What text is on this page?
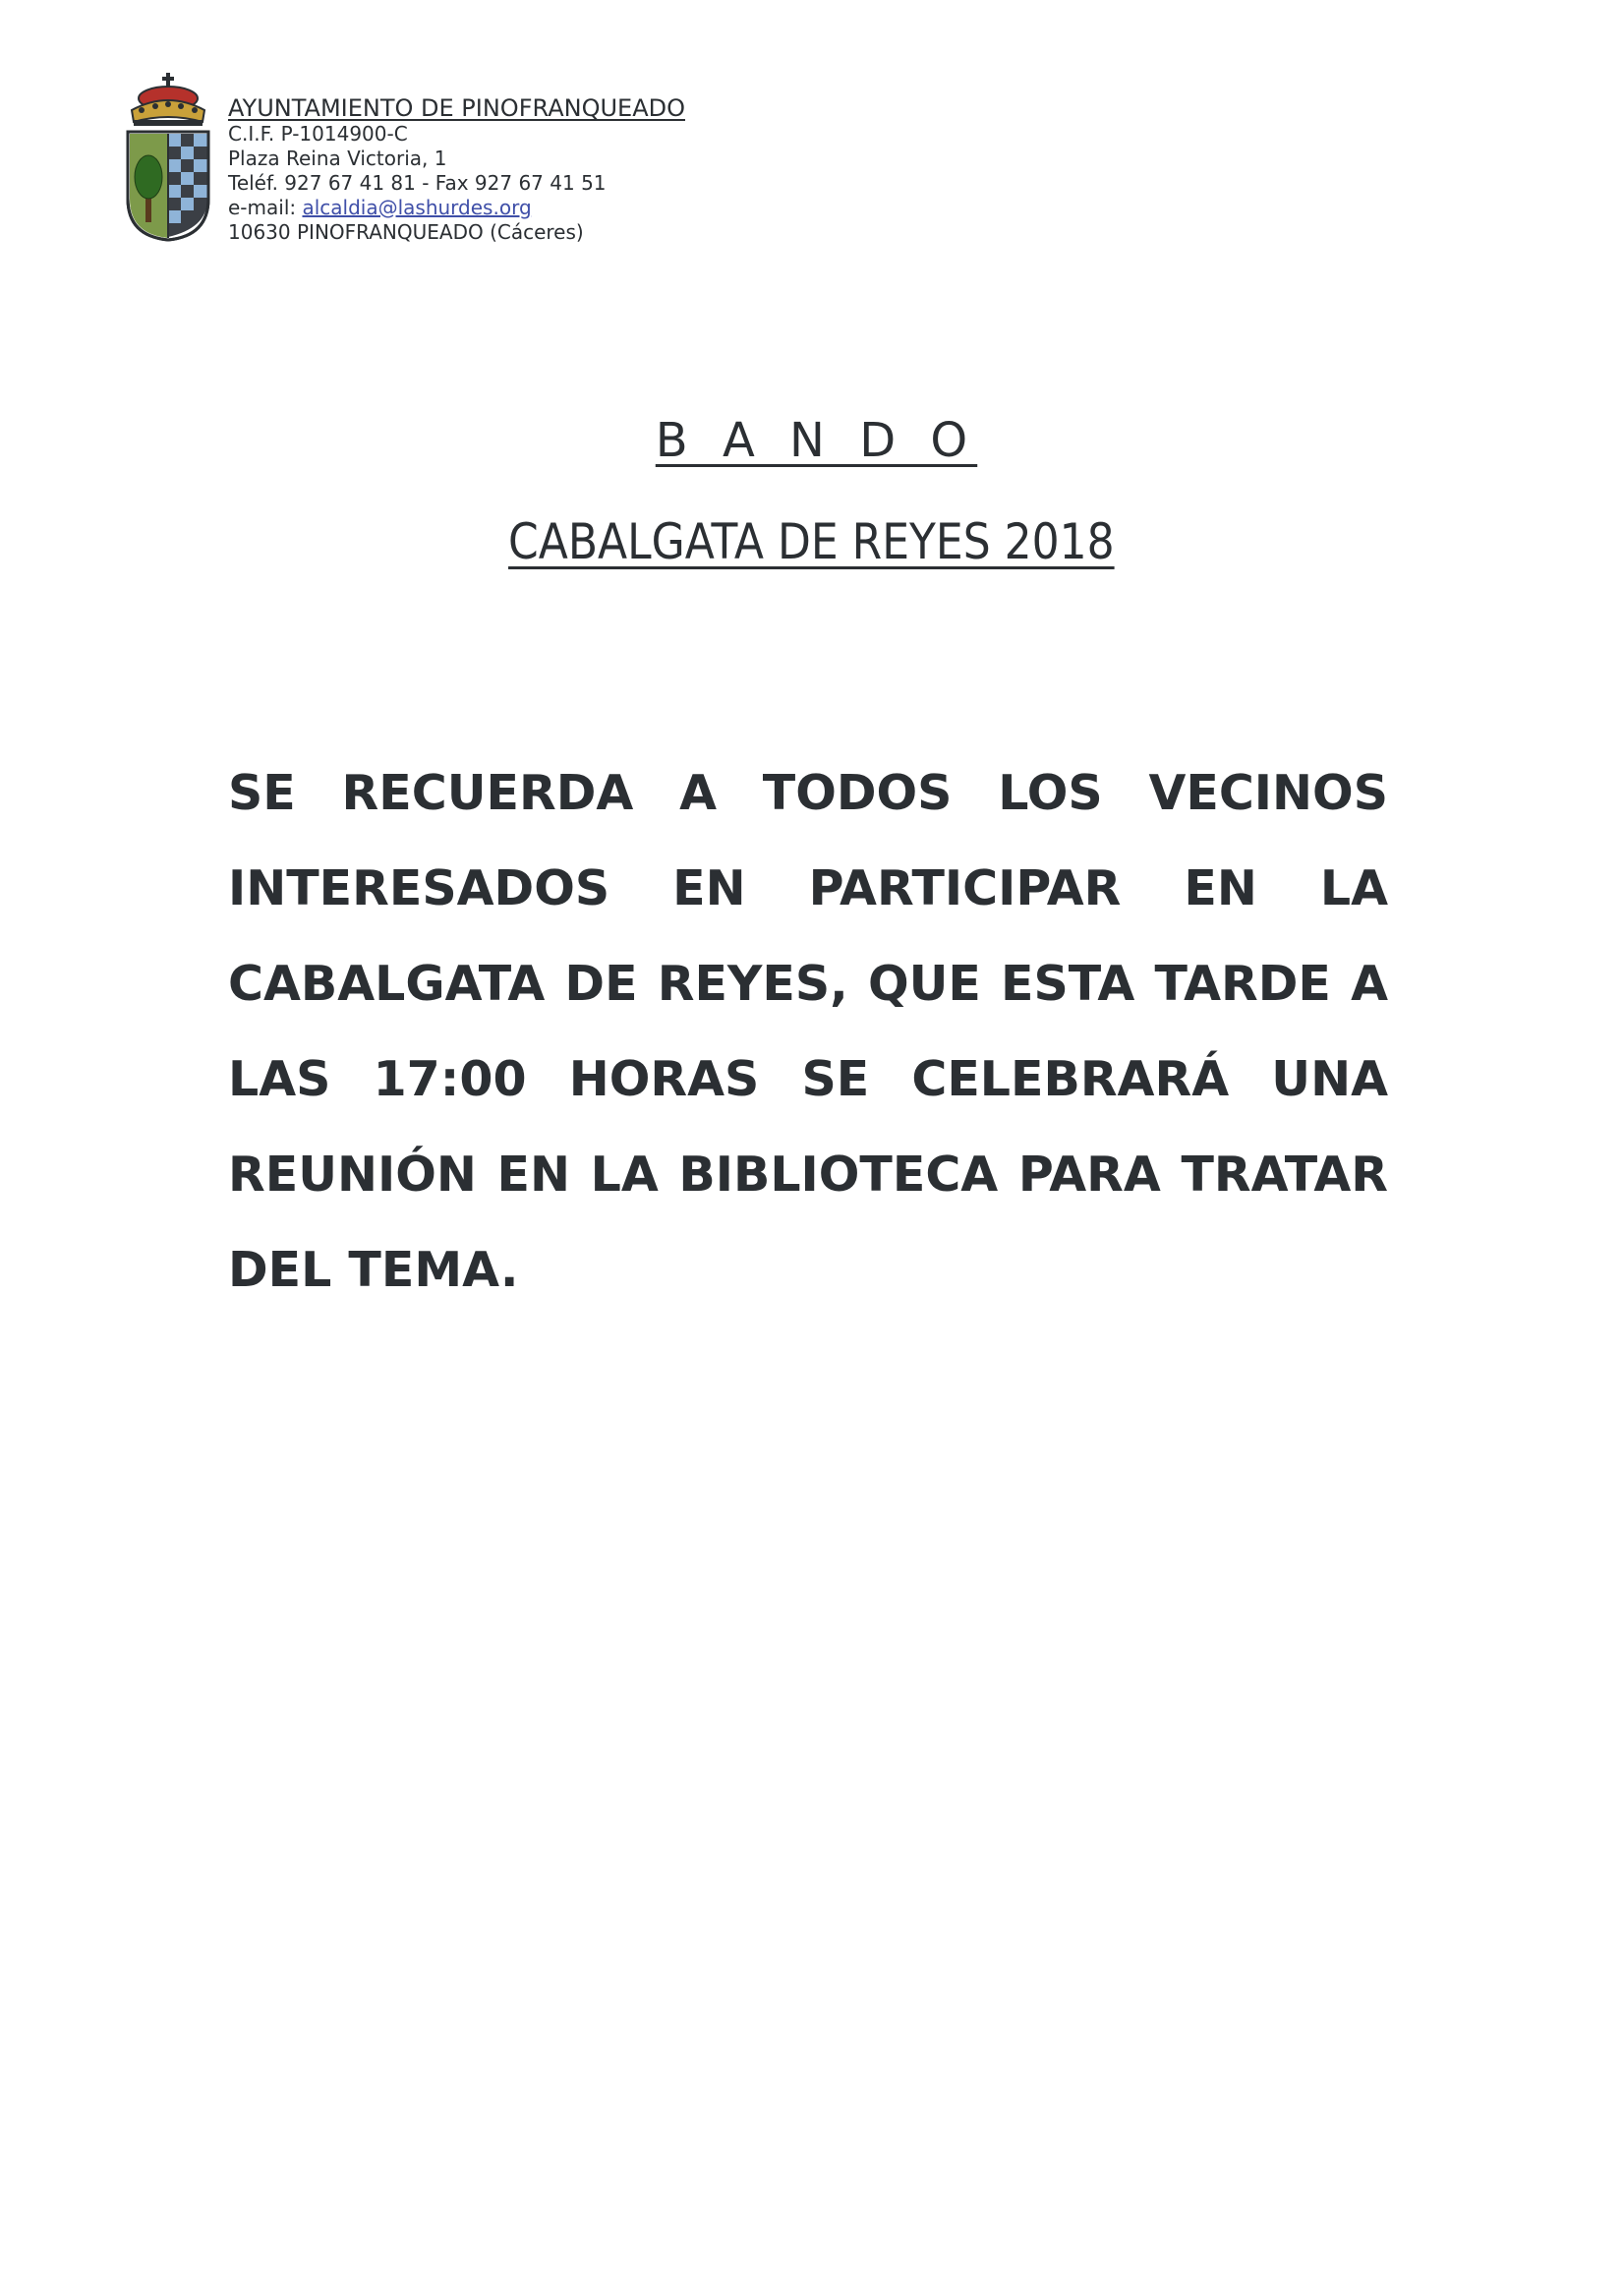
AYUNTAMIENTO DE PINOFRANQUEADO
C.I.F. P-1014900-C
Plaza Reina Victoria, 1
Teléf. 927 67 41 81 - Fax 927 67 41 51
e-mail: alcaldia@lashurdes.org
10630 PINOFRANQUEADO (Cáceres)
B A N D O
CABALGATA DE REYES 2018
SE RECUERDA A TODOS LOS VECINOS INTERESADOS EN PARTICIPAR EN LA CABALGATA DE REYES, QUE ESTA TARDE A LAS 17:00 HORAS SE CELEBRARÁ UNA REUNIÓN EN LA BIBLIOTECA PARA TRATAR DEL TEMA.
